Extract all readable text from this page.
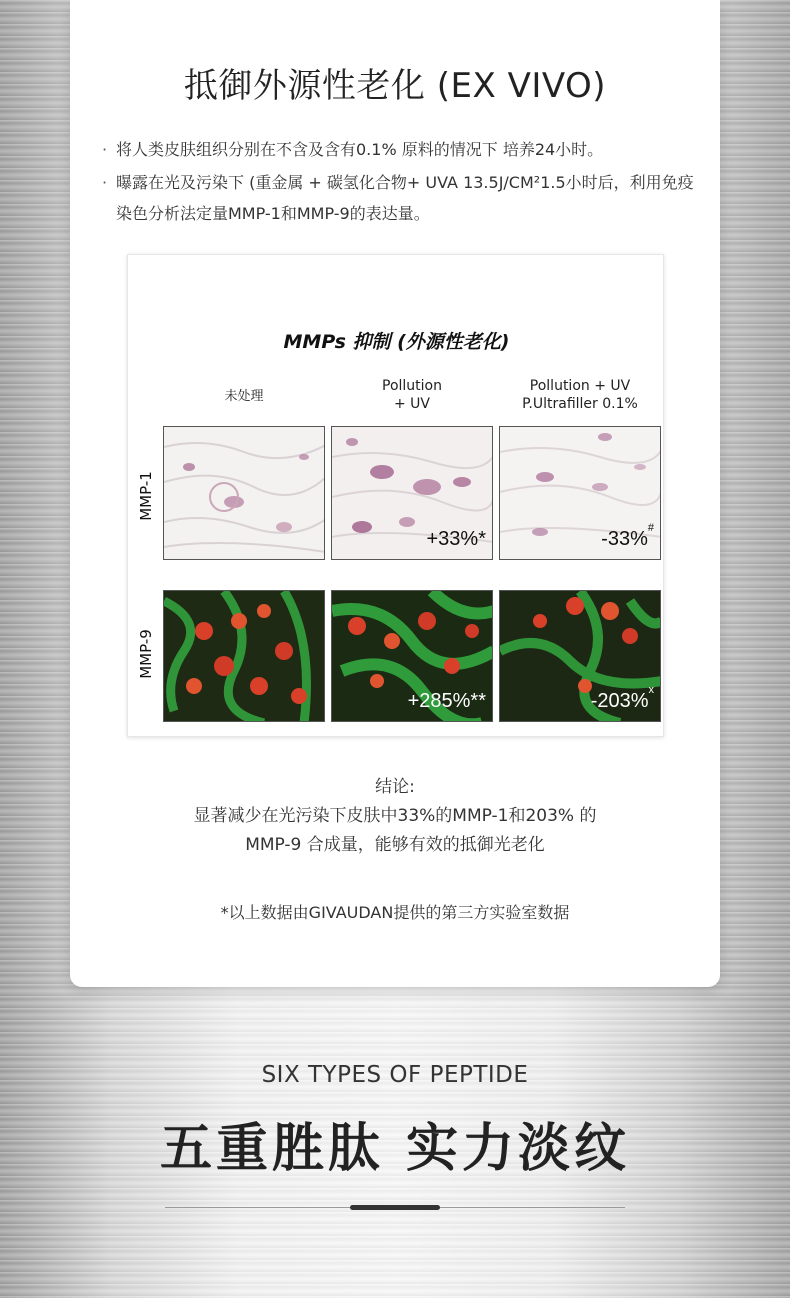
抵御外源性老化 (EX VIVO)
· 将人类皮肤组织分别在不含及含有0.1% 原料的情况下 培养24小时。
· 曝露在光及污染下 (重金属 + 碳氢化合物+ UVA 13.5J/CM²1.5小时后，利用免疫染色分析法定量MMP-1和MMP-9的表达量。
MMPs 抑制 (外源性老化)
未处理
Pollution
+ UV
Pollution + UV
P.Ultrafiller 0.1%
MMP-1
MMP-9
+33%*	-33%#
+285%**	-203%$^x$
结论:
显著减少在光污染下皮肤中33%的MMP-1和203% 的
MMP-9 合成量，能够有效的抵御光老化
*以上数据由GIVAUDAN提供的第三方实验室数据
SIX TYPES OF PEPTIDE
五重胜肽 实力淡纹
